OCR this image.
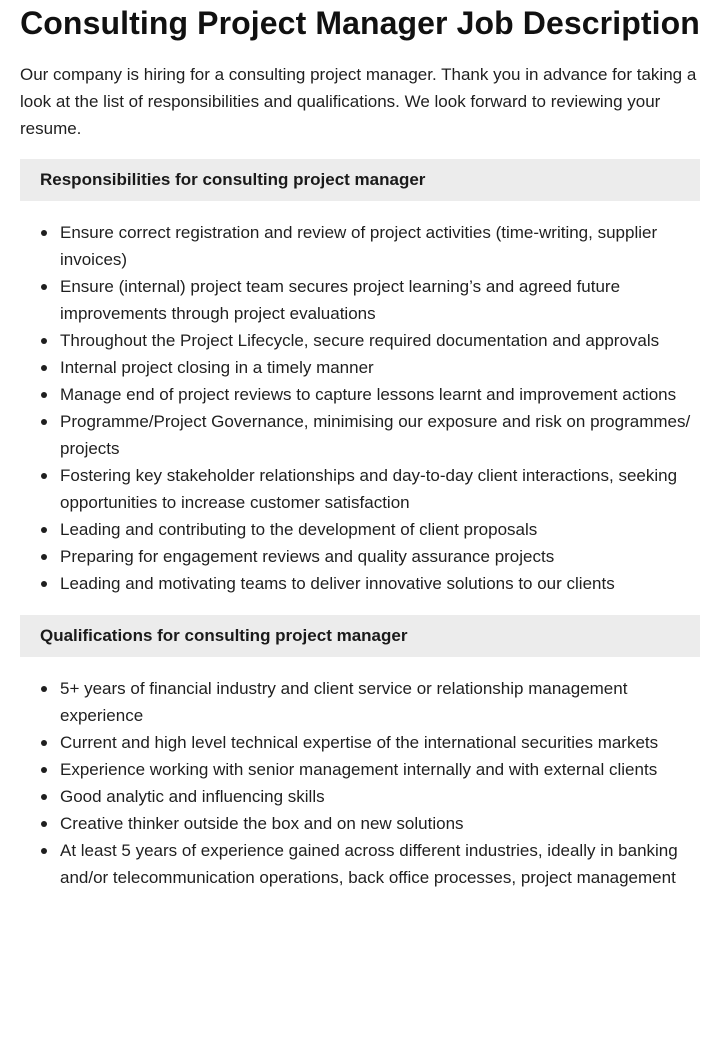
Consulting Project Manager Job Description

Our company is hiring for a consulting project manager. Thank you in advance for taking a look at the list of responsibilities and qualifications. We look forward to reviewing your resume.

Responsibilities for consulting project manager
Ensure correct registration and review of project activities (time-writing, supplier invoices)
Ensure (internal) project team secures project learning’s and agreed future improvements through project evaluations
Throughout the Project Lifecycle, secure required documentation and approvals
Internal project closing in a timely manner
Manage end of project reviews to capture lessons learnt and improvement actions
Programme/Project Governance, minimising our exposure and risk on programmes/ projects
Fostering key stakeholder relationships and day-to-day client interactions, seeking opportunities to increase customer satisfaction
Leading and contributing to the development of client proposals
Preparing for engagement reviews and quality assurance projects
Leading and motivating teams to deliver innovative solutions to our clients
Qualifications for consulting project manager
5+ years of financial industry and client service or relationship management experience
Current and high level technical expertise of the international securities markets
Experience working with senior management internally and with external clients
Good analytic and influencing skills
Creative thinker outside the box and on new solutions
At least 5 years of experience gained across different industries, ideally in banking and/or telecommunication operations, back office processes, project management
